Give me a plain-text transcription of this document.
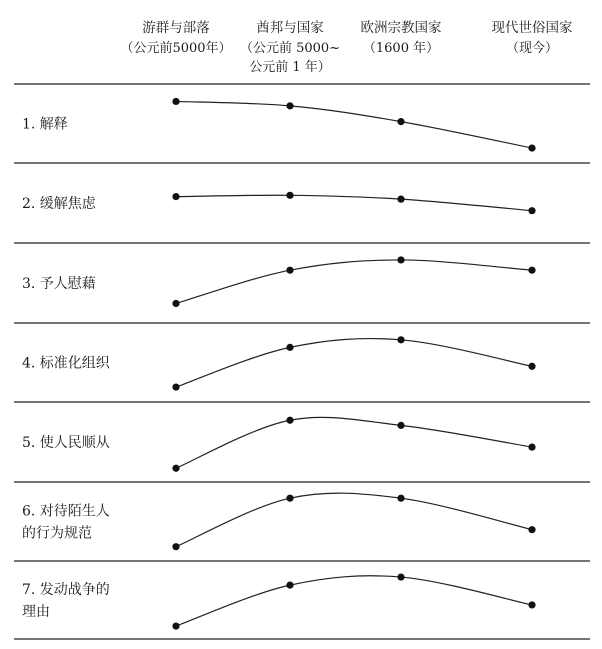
游群与部落
（公元前5000年）
酋邦与国家
（公元前 5000~
公元前 1 年）
欧洲宗教国家
（1600 年）
现代世俗国家
（现今）
1. 解释
2. 缓解焦虑
3. 予人慰藉
4. 标准化组织
5. 使人民顺从
6. 对待陌生人
的行为规范
7. 发动战争的
理由
